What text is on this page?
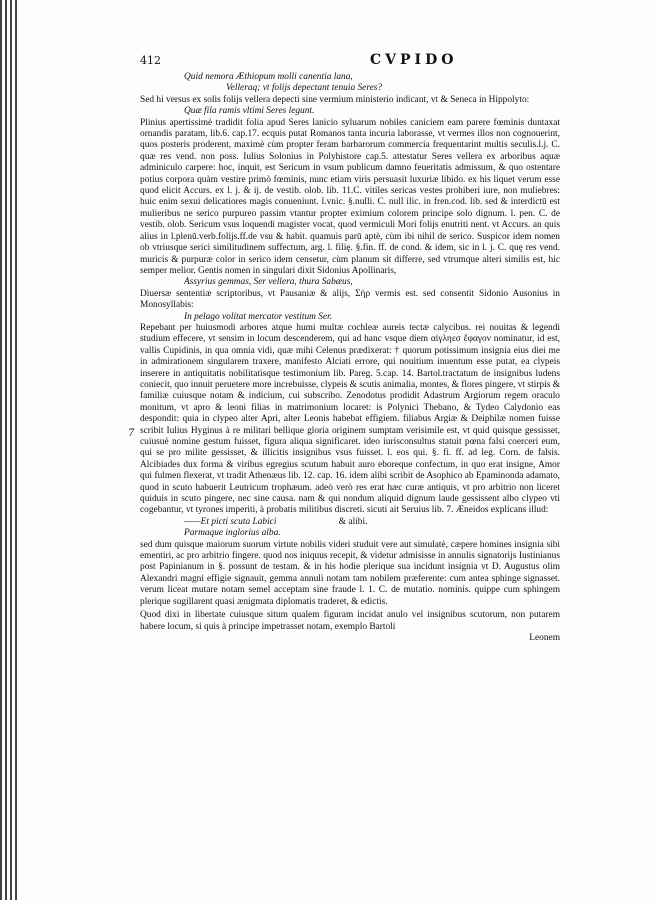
412	CVPIDO
7

Quid nemora Æthiopum molli canentia lana,

Velleraq; vt folijs depectant tenuia Seres?

Sed hi versus ex solis folijs vellera depecti sine vermium ministerio indicant, vt & Seneca in Hippolyto:

Quæ fila ramis vltimi Seres legunt.

Plinius apertissimè tradidit folia apud Seres lanicio syluarum nobiles caniciem eam parere fœminis duntaxat ornandis paratam, lib.6. cap.17. ecquis putat Romanos tanta incuria laborasse, vt vermes illos non cognouerint, quos posteris proderent, maximè cùm propter feram barbarorum commercia frequentarint multis seculis.l.j. C. quæ res vend. non poss. Iulius Solonius in Polyhistore cap.5. attestatur Seres vellera ex arboribus aquæ adminiculo carpere: hoc, inquit, est Sericum in vsum publicum damno feueritatis admissum, & quo ostentare potius corpora quàm vestire primò fœminis, nunc etiam viris persuasit luxuriæ libido. ex his liquet verum esse quod elicit Accurs. ex l. j. & ij. de vestib. olob. lib. 11.C. vitiles sericas vestes prohiberi iure, non muliebres: huic enim sexui delicatiores magis conueniunt. l.vnic. §.nulli. C. null ilic. in fren.cod. lib. sed & interdictū est mulieribus ne serico purpureo passim vtantur propter eximium colorem principe solo dignum. l. pen. C. de vestib. olob. Sericum vsus loquendi magister vocat, quod vermiculi Mori folijs enutriti nent. vt Accurs. an quis alius in l.plenū.verb.folijs.ff.de vsu & habit. quamuis parū aptè, cùm ibi nihil de serico. Suspicor idem nomen ob vtriusque serici similitudinem suffectum, arg. l. filię. §.fin. ff. de cond. & idem, sic in l. j. C. quę res vend. muricis & purpuræ color in serico idem censetur, cùm planum sit differre, sed vtrumque alteri similis est, hic semper melior. Gentis nomen in singulari dixit Sidonius Apollinaris,

Assyrius gemmas, Ser vellera, thura Sabæus,

Diuersæ sententiæ scriptoribus, vt Pausaniæ & alijs, Σὴρ vermis est. sed consentit Sidonio Ausonius in Monosyllabis:

In pelago volitat mercator vestitum Ser.

Repebant per huiusmodi arbores atque humi multæ cochleæ aureis tectæ calycibus. rei nouitas & legendi studium effecere, vt sensim in locum descenderem, qui ad hanc vsque diem αἰγληεσ ἔφαγον nominatur, id est, vallis Cupidinis, in qua omnia vidi, quæ mihi Celenus prædixerat: † quorum potissimum insignia eius diei me in admirationem singularem traxere, manifesto Alciati errore, qui nouitium inuentum esse putat, ea clypeis inserere in antiquitatis nobilitatisque testimonium lib. Pareg. 5.cap. 14. Bartol.tractatum de insignibus ludens coniecit, quo innuit peruetere more increbuisse, clypeis & scutis animalia, montes, & flores pingere, vt stirpis & familiæ cuiusque notam & indicium, cui subscribo. Zenodotus prodidit Adastrum Argiorum regem oraculo monitum, vt apro & leoni filias in matrimonium locaret: is Polynici Thebano, & Tydeo Calydonio eas despondit: quia in clypeo alter Apri, alter Leonis habebat effigiem. filiabus Argiæ & Deiphilæ nomen fuisse scribit Iulius Hyginus à re militari bellique gloria originem sumptam verisimile est, vt quid quisque gessisset, cuiusuè nomine gestum fuisset, figura aliqua significaret. ideo iurisconsultus statuit pœna falsi coerceri eum, qui se pro milite gessisset, & illicitis insignibus vsus fuisset. l. eos qui. §. fi. ff. ad leg. Corn. de falsis. Alcibiades dux forma & viribus egregius scutum habuit auro eboreque confectum, in quo erat insigne, Amor qui fulmen flexerat, vt tradit Athenæus lib. 12. cap. 16. idem alibi scribit de Asophico ab Epaminonda adamato, quod in scuto habuerit Leutricum trophæum. adeò verò res erat hæc curæ antiquis, vt pro arbitrio non liceret quiduis in scuto pingere, nec sine causa. nam & qui nondum aliquid dignum laude gessissent albo clypeo vti cogebantur, vt tyrones imperiti, à probatis militibus discreti. sicuti ait Seruius lib. 7. Æneidos explicans illud:

——Et picti scuta Labici	& alibi.

Parmaque inglorius alba.

sed dum quisque maiorum suorum virtute nobilis videri studuit vere aut simulatè, cæpere homines insignia sibi ementiri, ac pro arbitrio fingere. quod nos iniquus recepit, & videtur admisisse in annulis signatorijs Iustinianus post Papinianum in §. possunt de testam. & in his hodie plerique sua incidunt insignia vt D. Augustus olim Alexandri magni effigie signauit, gemma annuli notam tam nobilem præferente: cum antea sphinge signasset. verum liceat mutare notam semel acceptam sine fraude l. 1. C. de mutatio. nominis. quippe cum sphingem plerique sugillarent quasi ænigmata diplomatis traderet, & edictis.

Quod dixi in libertate cuiusque situm qualem figuram incidat anulo vel insignibus scutorum, non putarem habere locum, si quis à principe impetrasset notam, exemplo Bartoli

Leonem
